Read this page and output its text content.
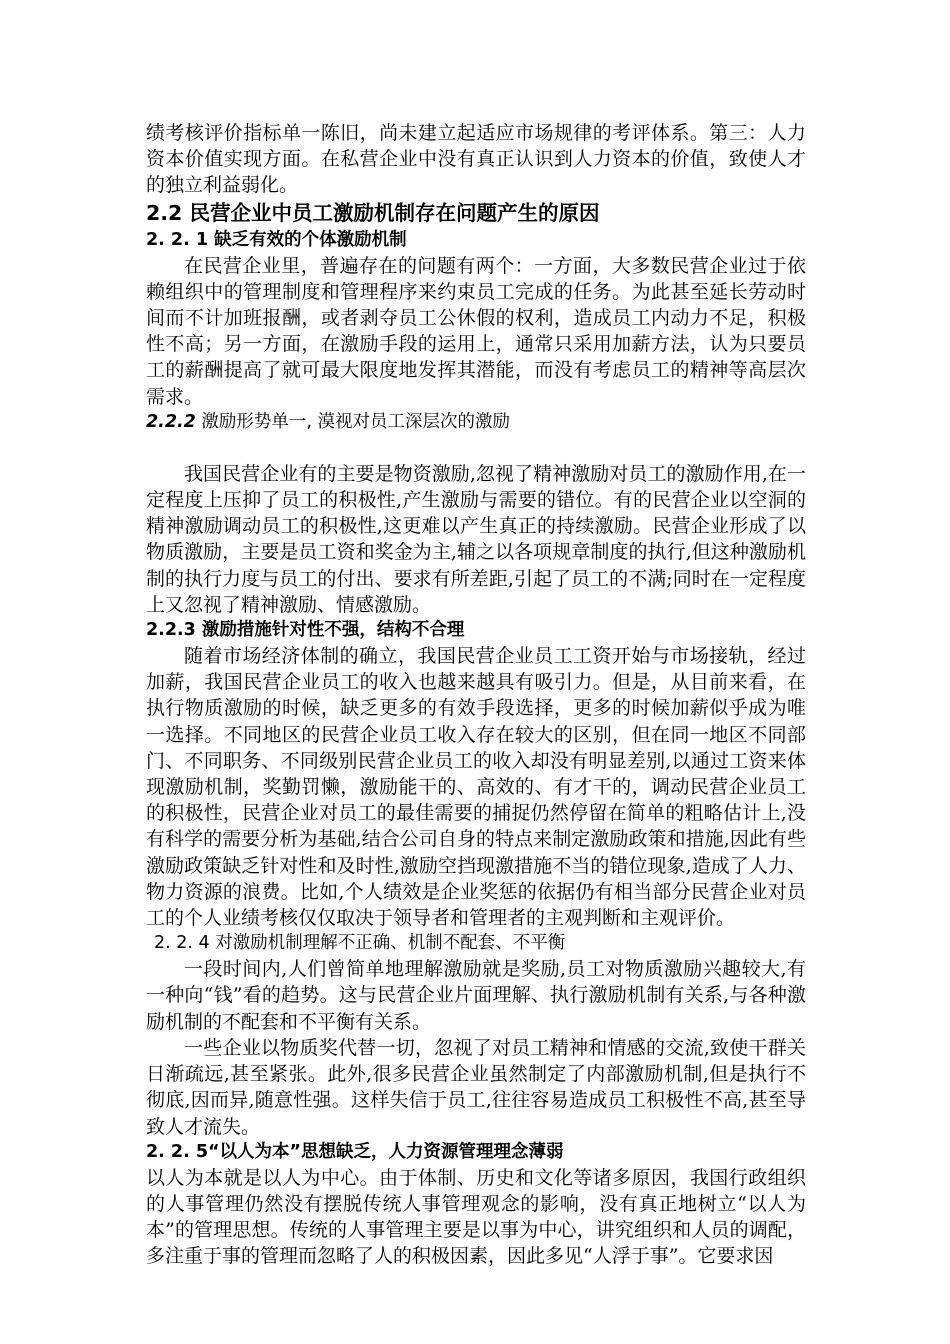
绩考核评价指标单一陈旧，尚未建立起适应市场规律的考评体系。第三：人力资本价值实现方面。在私营企业中没有真正认识到人力资本的价值，致使人才的独立利益弱化。

2.2 民营企业中员工激励机制存在问题产生的原因

2. 2. 1 缺乏有效的个体激励机制

在民营企业里，普遍存在的问题有两个：一方面，大多数民营企业过于依赖组织中的管理制度和管理程序来约束员工完成的任务。为此甚至延长劳动时间而不计加班报酬，或者剥夺员工公休假的权利，造成员工内动力不足，积极性不高；另一方面，在激励手段的运用上，通常只采用加薪方法，认为只要员工的薪酬提高了就可最大限度地发挥其潜能，而没有考虑员工的精神等高层次需求。

2.2.2 激励形势单一, 漠视对员工深层次的激励

我国民营企业有的主要是物资激励,忽视了精神激励对员工的激励作用,在一定程度上压抑了员工的积极性,产生激励与需要的错位。有的民营企业以空洞的精神激励调动员工的积极性,这更难以产生真正的持续激励。民营企业形成了以物质激励，主要是员工资和奖金为主,辅之以各项规章制度的执行,但这种激励机制的执行力度与员工的付出、要求有所差距,引起了员工的不满;同时在一定程度上又忽视了精神激励、情感激励。

2.2.3 激励措施针对性不强，结构不合理

随着市场经济体制的确立，我国民营企业员工工资开始与市场接轨，经过加薪，我国民营企业员工的收入也越来越具有吸引力。但是，从目前来看，在执行物质激励的时候，缺乏更多的有效手段选择，更多的时候加薪似乎成为唯一选择。不同地区的民营企业员工收入存在较大的区别，但在同一地区不同部门、不同职务、不同级别民营企业员工的收入却没有明显差别,以通过工资来体现激励机制，奖勤罚懒，激励能干的、高效的、有才干的，调动民营企业员工的积极性，民营企业对员工的最佳需要的捕捉仍然停留在简单的粗略估计上,没有科学的需要分析为基础,结合公司自身的特点来制定激励政策和措施,因此有些激励政策缺乏针对性和及时性,激励空挡现激措施不当的错位现象,造成了人力、物力资源的浪费。比如,个人绩效是企业奖惩的依据仍有相当部分民营企业对员工的个人业绩考核仅仅取决于领导者和管理者的主观判断和主观评价。

2. 2. 4 对激励机制理解不正确、机制不配套、不平衡

一段时间内,人们曾简单地理解激励就是奖励,员工对物质激励兴趣较大,有一种向“钱”看的趋势。这与民营企业片面理解、执行激励机制有关系,与各种激励机制的不配套和不平衡有关系。

一些企业以物质奖代替一切，忽视了对员工精神和情感的交流,致使干群关日渐疏远,甚至紧张。此外,很多民营企业虽然制定了内部激励机制,但是执行不彻底,因而异,随意性强。这样失信于员工,往往容易造成员工积极性不高,甚至导致人才流失。

2. 2. 5“以人为本”思想缺乏，人力资源管理理念薄弱

以人为本就是以人为中心。由于体制、历史和文化等诸多原因，我国行政组织的人事管理仍然没有摆脱传统人事管理观念的影响，没有真正地树立“以人为本”的管理思想。传统的人事管理主要是以事为中心，讲究组织和人员的调配，多注重于事的管理而忽略了人的积极因素，因此多见“人浮于事”。它要求因
